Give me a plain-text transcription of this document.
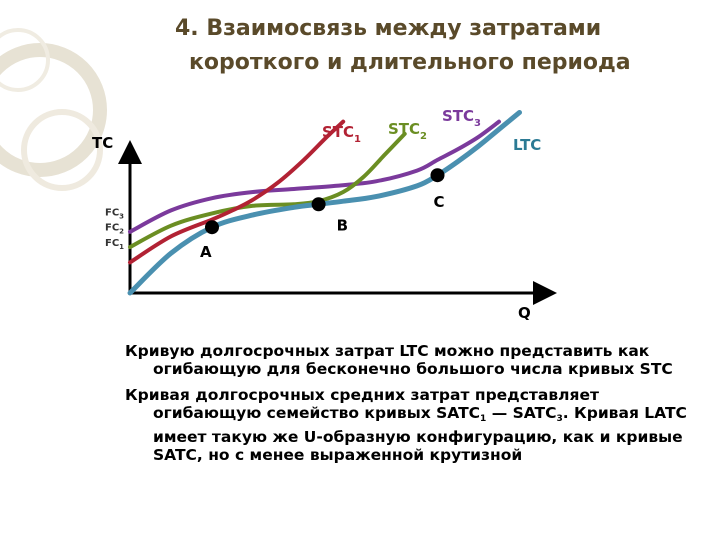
4. Взаимосвязь между затратами
короткого и длительного периода
TC
Q
$FC_3$
$FC_2$
$FC_1$
$STC_3$
$STC_2$
$STC_1$	LTC
A
B
C

Кривую долгосрочных затрат LTC можно представить как огибающую для бесконечно большого числа кривых STC

Кривая долгосрочных средних затрат представляет огибающую семейство кривых $SATC_1$ — $SATC_3$. Кривая LATC имеет такую же U-образную конфигурацию, как и кривые SATC, но с менее выраженной крутизной
